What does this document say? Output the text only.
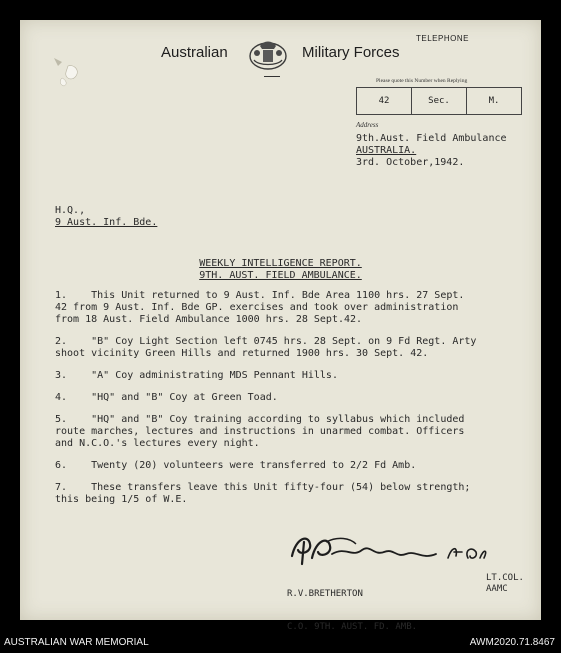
Australian	Military Forces
TELEPHONE
Please quote this Number when Replying
42	Sec.	M.
Address
9th.Aust. Field Ambulance
AUSTRALIA.
3rd. October,1942.
H.Q.,
9 Aust. Inf. Bde.
WEEKLY INTELLIGENCE REPORT.
9TH. AUST. FIELD AMBULANCE.
1.    This Unit returned to 9 Aust. Inf. Bde Area 1100 hrs. 27 Sept.
42 from 9 Aust. Inf. Bde GP. exercises and took over administration
from 18 Aust. Field Ambulance 1000 hrs. 28 Sept.42.
2.    "B" Coy Light Section left 0745 hrs. 28 Sept. on 9 Fd Regt. Arty
shoot vicinity Green Hills and returned 1900 hrs. 30 Sept. 42.
3.    "A" Coy administrating MDS Pennant Hills.
4.    "HQ" and "B" Coy at Green Toad.
5.    "HQ" and "B" Coy training according to syllabus which included
route marches, lectures and instructions in unarmed combat. Officers
and N.C.O.'s lectures every night.
6.    Twenty (20) volunteers were transferred to 2/2 Fd Amb.
7.    These transfers leave this Unit fifty-four (54) below strength;
this being 1/5 of W.E.

R.V.BRETHERTON

C.O. 9TH. AUST. FD. AMB.

LT.COL.
AAMC
AUSTRALIAN WAR MEMORIAL	AWM2020.71.8467
